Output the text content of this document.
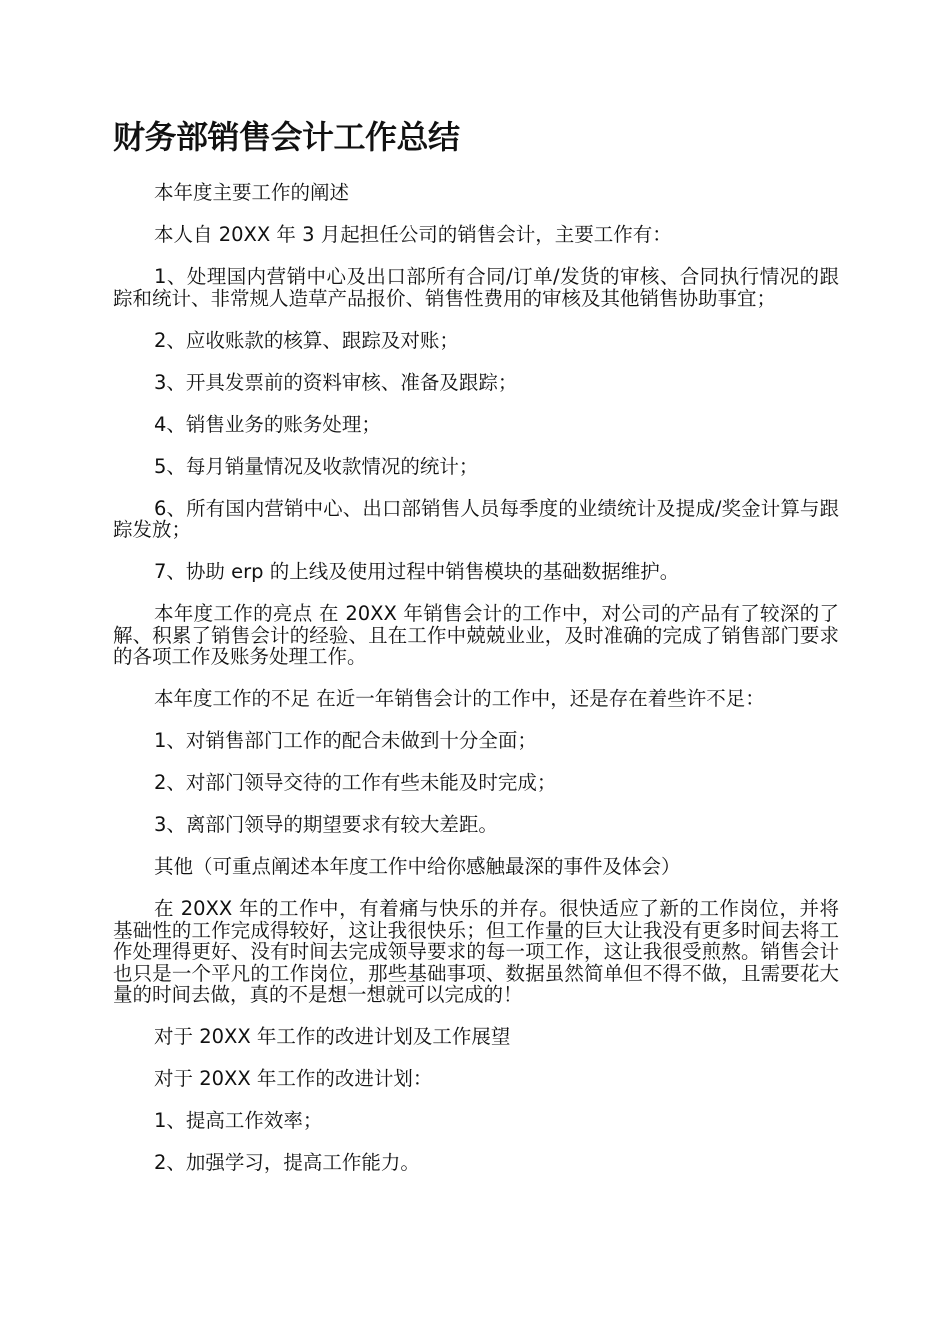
财务部销售会计工作总结

本年度主要工作的阐述

本人自 20XX 年 3 月起担任公司的销售会计，主要工作有：

1、处理国内营销中心及出口部所有合同/订单/发货的审核、合同执行情况的跟踪和统计、非常规人造草产品报价、销售性费用的审核及其他销售协助事宜；

2、应收账款的核算、跟踪及对账；

3、开具发票前的资料审核、准备及跟踪；

4、销售业务的账务处理；

5、每月销量情况及收款情况的统计；

6、所有国内营销中心、出口部销售人员每季度的业绩统计及提成/奖金计算与跟踪发放；

7、协助 erp 的上线及使用过程中销售模块的基础数据维护。

本年度工作的亮点 在 20XX 年销售会计的工作中，对公司的产品有了较深的了解、积累了销售会计的经验、且在工作中兢兢业业，及时准确的完成了销售部门要求的各项工作及账务处理工作。

本年度工作的不足 在近一年销售会计的工作中，还是存在着些许不足：

1、对销售部门工作的配合未做到十分全面；

2、对部门领导交待的工作有些未能及时完成；

3、离部门领导的期望要求有较大差距。

其他（可重点阐述本年度工作中给你感触最深的事件及体会）

在 20XX 年的工作中，有着痛与快乐的并存。很快适应了新的工作岗位，并将基础性的工作完成得较好，这让我很快乐；但工作量的巨大让我没有更多时间去将工作处理得更好、没有时间去完成领导要求的每一项工作，这让我很受煎熬。销售会计也只是一个平凡的工作岗位，那些基础事项、数据虽然简单但不得不做，且需要花大量的时间去做，真的不是想一想就可以完成的！

对于 20XX 年工作的改进计划及工作展望

对于 20XX 年工作的改进计划：

1、提高工作效率；

2、加强学习，提高工作能力。
